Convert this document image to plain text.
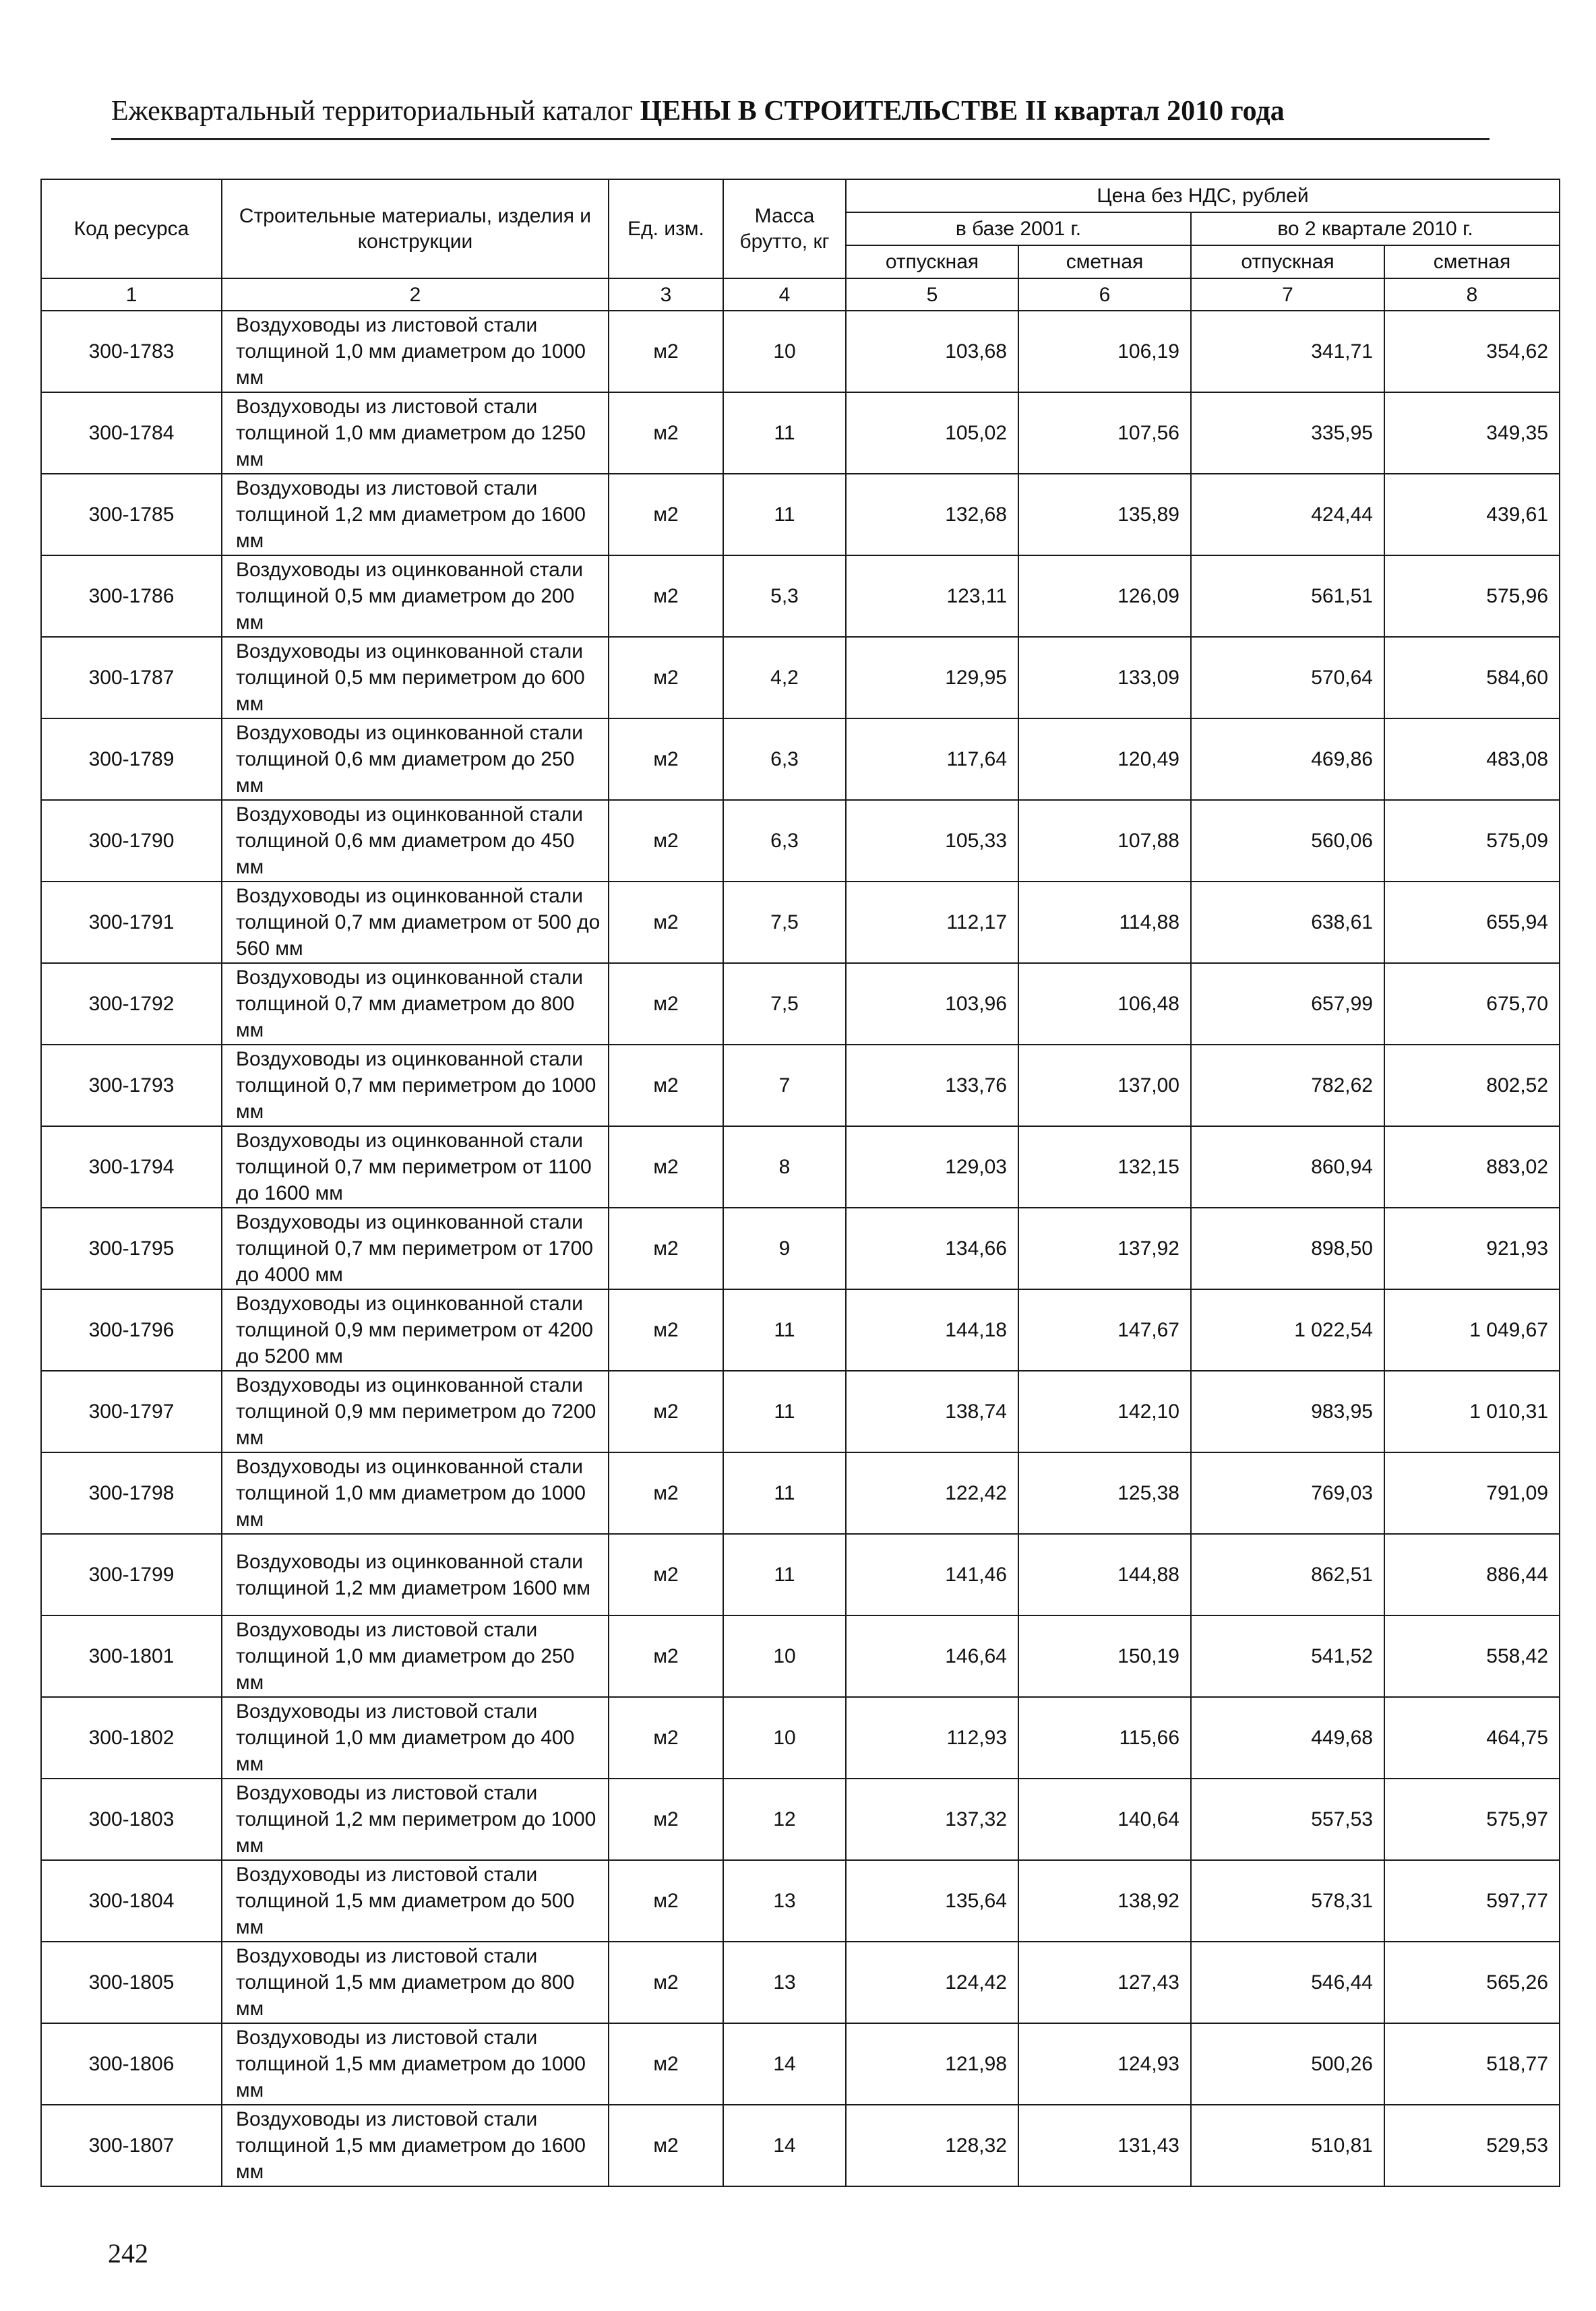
Ежеквартальный территориальный каталог ЦЕНЫ В СТРОИТЕЛЬСТВЕ II квартал 2010 года
Код ресурса	Строительные материалы, изделия и конструкции	Ед. изм.	Масса брутто, кг	Цена без НДС, рублей			
				в базе 2001 г.		во 2 квартале 2010 г.	
				отпускная	сметная	отпускная	сметная
1	2	3	4	5	6	7	8
300-1783	Воздуховоды из листовой стали толщиной 1,0 мм диаметром до 1000 мм	м2	10	103,68	106,19	341,71	354,62
300-1784	Воздуховоды из листовой стали толщиной 1,0 мм диаметром до 1250 мм	м2	11	105,02	107,56	335,95	349,35
300-1785	Воздуховоды из листовой стали толщиной 1,2 мм диаметром до 1600 мм	м2	11	132,68	135,89	424,44	439,61
300-1786	Воздуховоды из оцинкованной стали толщиной 0,5 мм диаметром до 200 мм	м2	5,3	123,11	126,09	561,51	575,96
300-1787	Воздуховоды из оцинкованной стали толщиной 0,5 мм периметром до 600 мм	м2	4,2	129,95	133,09	570,64	584,60
300-1789	Воздуховоды из оцинкованной стали толщиной 0,6 мм диаметром до 250 мм	м2	6,3	117,64	120,49	469,86	483,08
300-1790	Воздуховоды из оцинкованной стали толщиной 0,6 мм диаметром до 450 мм	м2	6,3	105,33	107,88	560,06	575,09
300-1791	Воздуховоды из оцинкованной стали толщиной 0,7 мм диаметром от 500 до 560 мм	м2	7,5	112,17	114,88	638,61	655,94
300-1792	Воздуховоды из оцинкованной стали толщиной 0,7 мм диаметром до 800 мм	м2	7,5	103,96	106,48	657,99	675,70
300-1793	Воздуховоды из оцинкованной стали толщиной 0,7 мм периметром до 1000 мм	м2	7	133,76	137,00	782,62	802,52
300-1794	Воздуховоды из оцинкованной стали толщиной 0,7 мм периметром от 1100 до 1600 мм	м2	8	129,03	132,15	860,94	883,02
300-1795	Воздуховоды из оцинкованной стали толщиной 0,7 мм периметром от 1700 до 4000 мм	м2	9	134,66	137,92	898,50	921,93
300-1796	Воздуховоды из оцинкованной стали толщиной 0,9 мм периметром от 4200 до 5200 мм	м2	11	144,18	147,67	1 022,54	1 049,67
300-1797	Воздуховоды из оцинкованной стали толщиной 0,9 мм периметром до 7200 мм	м2	11	138,74	142,10	983,95	1 010,31
300-1798	Воздуховоды из оцинкованной стали толщиной 1,0 мм диаметром до 1000 мм	м2	11	122,42	125,38	769,03	791,09
300-1799	Воздуховоды из оцинкованной стали толщиной 1,2 мм диаметром 1600 мм	м2	11	141,46	144,88	862,51	886,44
300-1801	Воздуховоды из листовой стали толщиной 1,0 мм диаметром до 250 мм	м2	10	146,64	150,19	541,52	558,42
300-1802	Воздуховоды из листовой стали толщиной 1,0 мм диаметром до 400 мм	м2	10	112,93	115,66	449,68	464,75
300-1803	Воздуховоды из листовой стали толщиной 1,2 мм периметром до 1000 мм	м2	12	137,32	140,64	557,53	575,97
300-1804	Воздуховоды из листовой стали толщиной 1,5 мм диаметром до 500 мм	м2	13	135,64	138,92	578,31	597,77
300-1805	Воздуховоды из листовой стали толщиной 1,5 мм диаметром до 800 мм	м2	13	124,42	127,43	546,44	565,26
300-1806	Воздуховоды из листовой стали толщиной 1,5 мм диаметром до 1000 мм	м2	14	121,98	124,93	500,26	518,77
300-1807	Воздуховоды из листовой стали толщиной 1,5 мм диаметром до 1600 мм	м2	14	128,32	131,43	510,81	529,53
242
